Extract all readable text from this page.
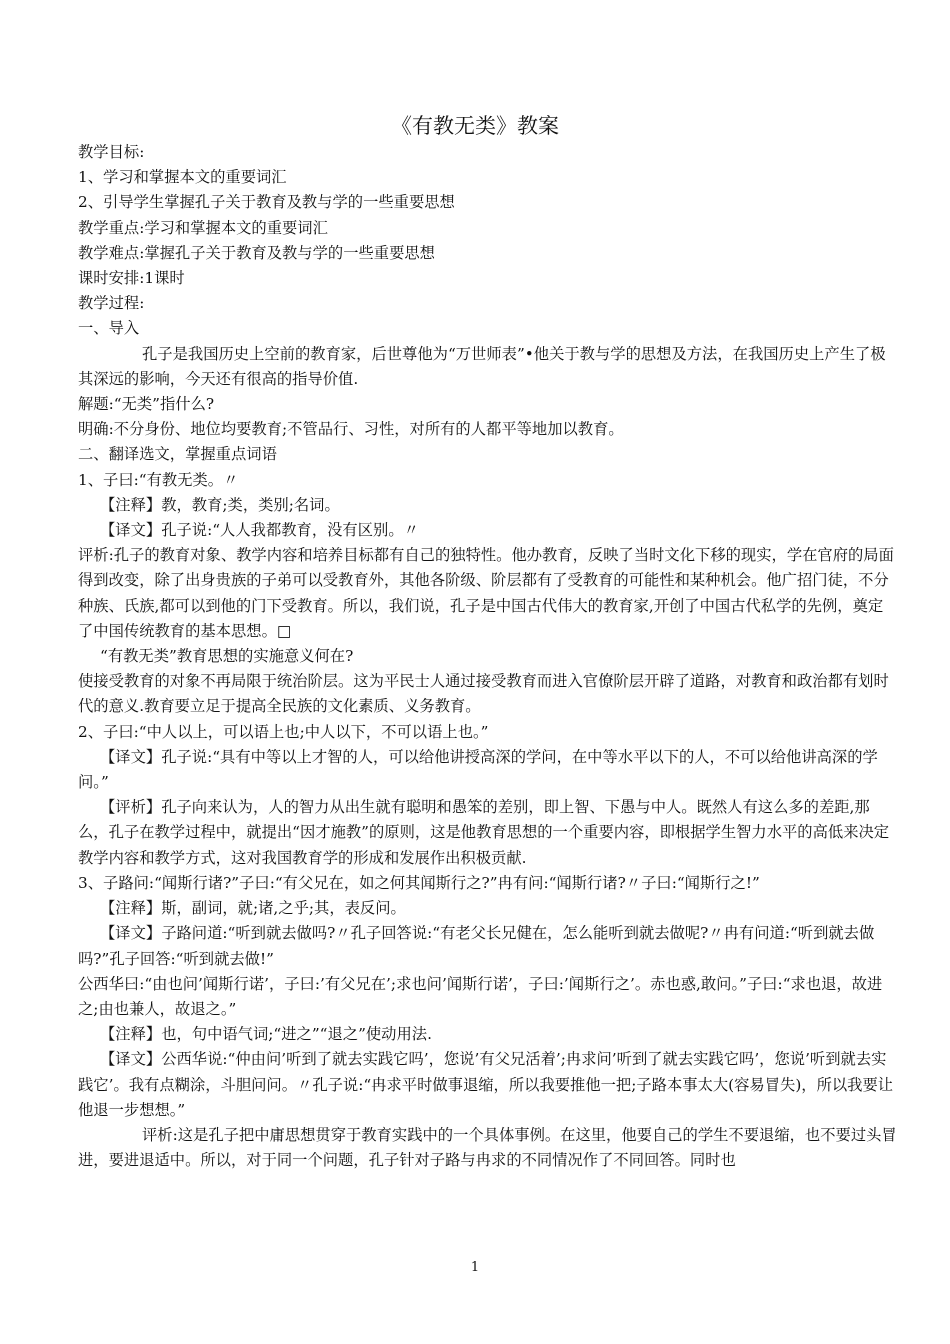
《有教无类》教案

教学目标:

1、学习和掌握本文的重要词汇

2、引导学生掌握孔子关于教育及教与学的一些重要思想

教学重点:学习和掌握本文的重要词汇

教学难点:掌握孔子关于教育及教与学的一些重要思想

课时安排:1课时

教学过程:

一、导入

孔子是我国历史上空前的教育家，后世尊他为“万世师表”•他关于教与学的思想及方法，在我国历史上产生了极其深远的影响，今天还有很高的指导价值.

解题:“无类”指什么?

明确:不分身份、地位均要教育;不管品行、习性，对所有的人都平等地加以教育。

二、翻译选文，掌握重点词语

1、子曰:“有教无类。〃

【注释】教，教育;类，类别;名词。

【译文】孔子说:“人人我都教育，没有区别。〃

评析:孔子的教育对象、教学内容和培养目标都有自己的独特性。他办教育，反映了当时文化下移的现实，学在官府的局面得到改变，除了出身贵族的子弟可以受教育外，其他各阶级、阶层都有了受教育的可能性和某种机会。他广招门徒，不分种族、氏族,都可以到他的门下受教育。所以，我们说，孔子是中国古代伟大的教育家,开创了中国古代私学的先例，奠定了中国传统教育的基本思想。□

“有教无类”教育思想的实施意义何在?

使接受教育的对象不再局限于统治阶层。这为平民士人通过接受教育而进入官僚阶层开辟了道路，对教育和政治都有划时代的意义.教育要立足于提高全民族的文化素质、义务教育。

2、子曰:“中人以上，可以语上也;中人以下，不可以语上也。”

【译文】孔子说:“具有中等以上才智的人，可以给他讲授高深的学问，在中等水平以下的人，不可以给他讲高深的学问。”

【评析】孔子向来认为，人的智力从出生就有聪明和愚笨的差别，即上智、下愚与中人。既然人有这么多的差距,那么，孔子在教学过程中，就提出“因才施教”的原则，这是他教育思想的一个重要内容，即根据学生智力水平的高低来决定教学内容和教学方式，这对我国教育学的形成和发展作出积极贡献.

3、子路问:“闻斯行诸?”子曰:“有父兄在，如之何其闻斯行之?”冉有问:“闻斯行诸?〃子曰:“闻斯行之!”

【注释】斯，副词，就;诸,之乎;其，表反问。

【译文】子路问道:“听到就去做吗?〃孔子回答说:“有老父长兄健在，怎么能听到就去做呢?〃冉有问道:“听到就去做吗?”孔子回答:“听到就去做!”

公西华曰:“由也问’闻斯行诺’，子曰:’有父兄在’;求也问’闻斯行诺’，子曰:’闻斯行之’。赤也惑,敢问。”子曰:“求也退，故进之;由也兼人，故退之。”

【注释】也，句中语气词;“进之”“退之”使动用法.

【译文】公西华说:“仲由问’听到了就去实践它吗’，您说’有父兄活着’;冉求问’听到了就去实践它吗’，您说’听到就去实践它’。我有点糊涂，斗胆问问。〃孔子说:“冉求平时做事退缩，所以我要推他一把;子路本事太大(容易冒失)，所以我要让他退一步想想。”

评析:这是孔子把中庸思想贯穿于教育实践中的一个具体事例。在这里，他要自己的学生不要退缩，也不要过头冒进，要进退适中。所以，对于同一个问题，孔子针对子路与冉求的不同情况作了不同回答。同时也

1
